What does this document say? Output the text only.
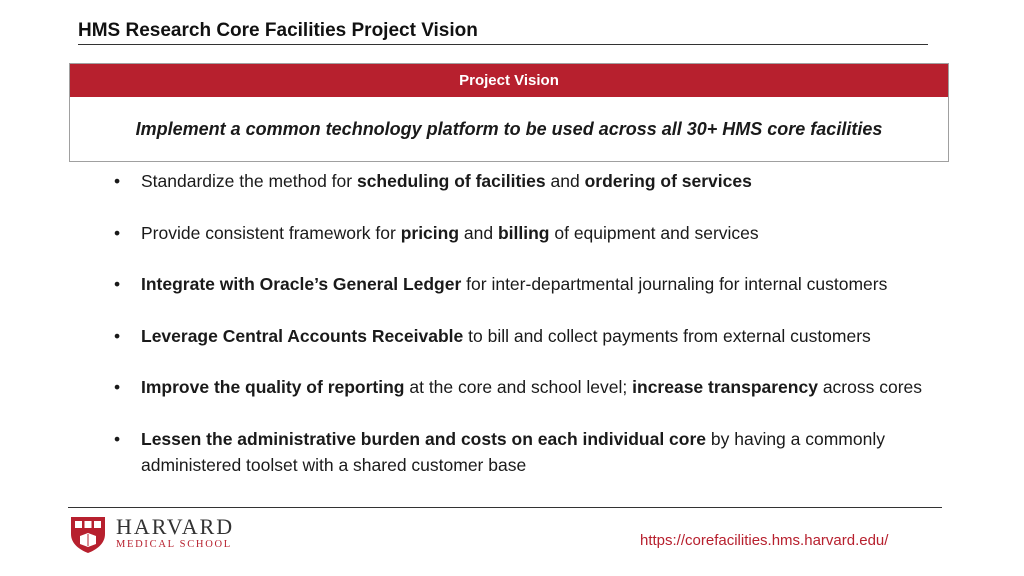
HMS Research Core Facilities Project Vision
Project Vision
Implement a common technology platform to be used across all 30+ HMS core facilities
• Standardize the method for scheduling of facilities and ordering of services
• Provide consistent framework for pricing and billing of equipment and services
• Integrate with Oracle’s General Ledger for inter-departmental journaling for internal customers
• Leverage Central Accounts Receivable to bill and collect payments from external customers
• Improve the quality of reporting at the core and school level; increase transparency across cores
• Lessen the administrative burden and costs on each individual core by having a commonly
administered toolset with a shared customer base
HARVARD
MEDICAL SCHOOL	https://corefacilities.hms.harvard.edu/
